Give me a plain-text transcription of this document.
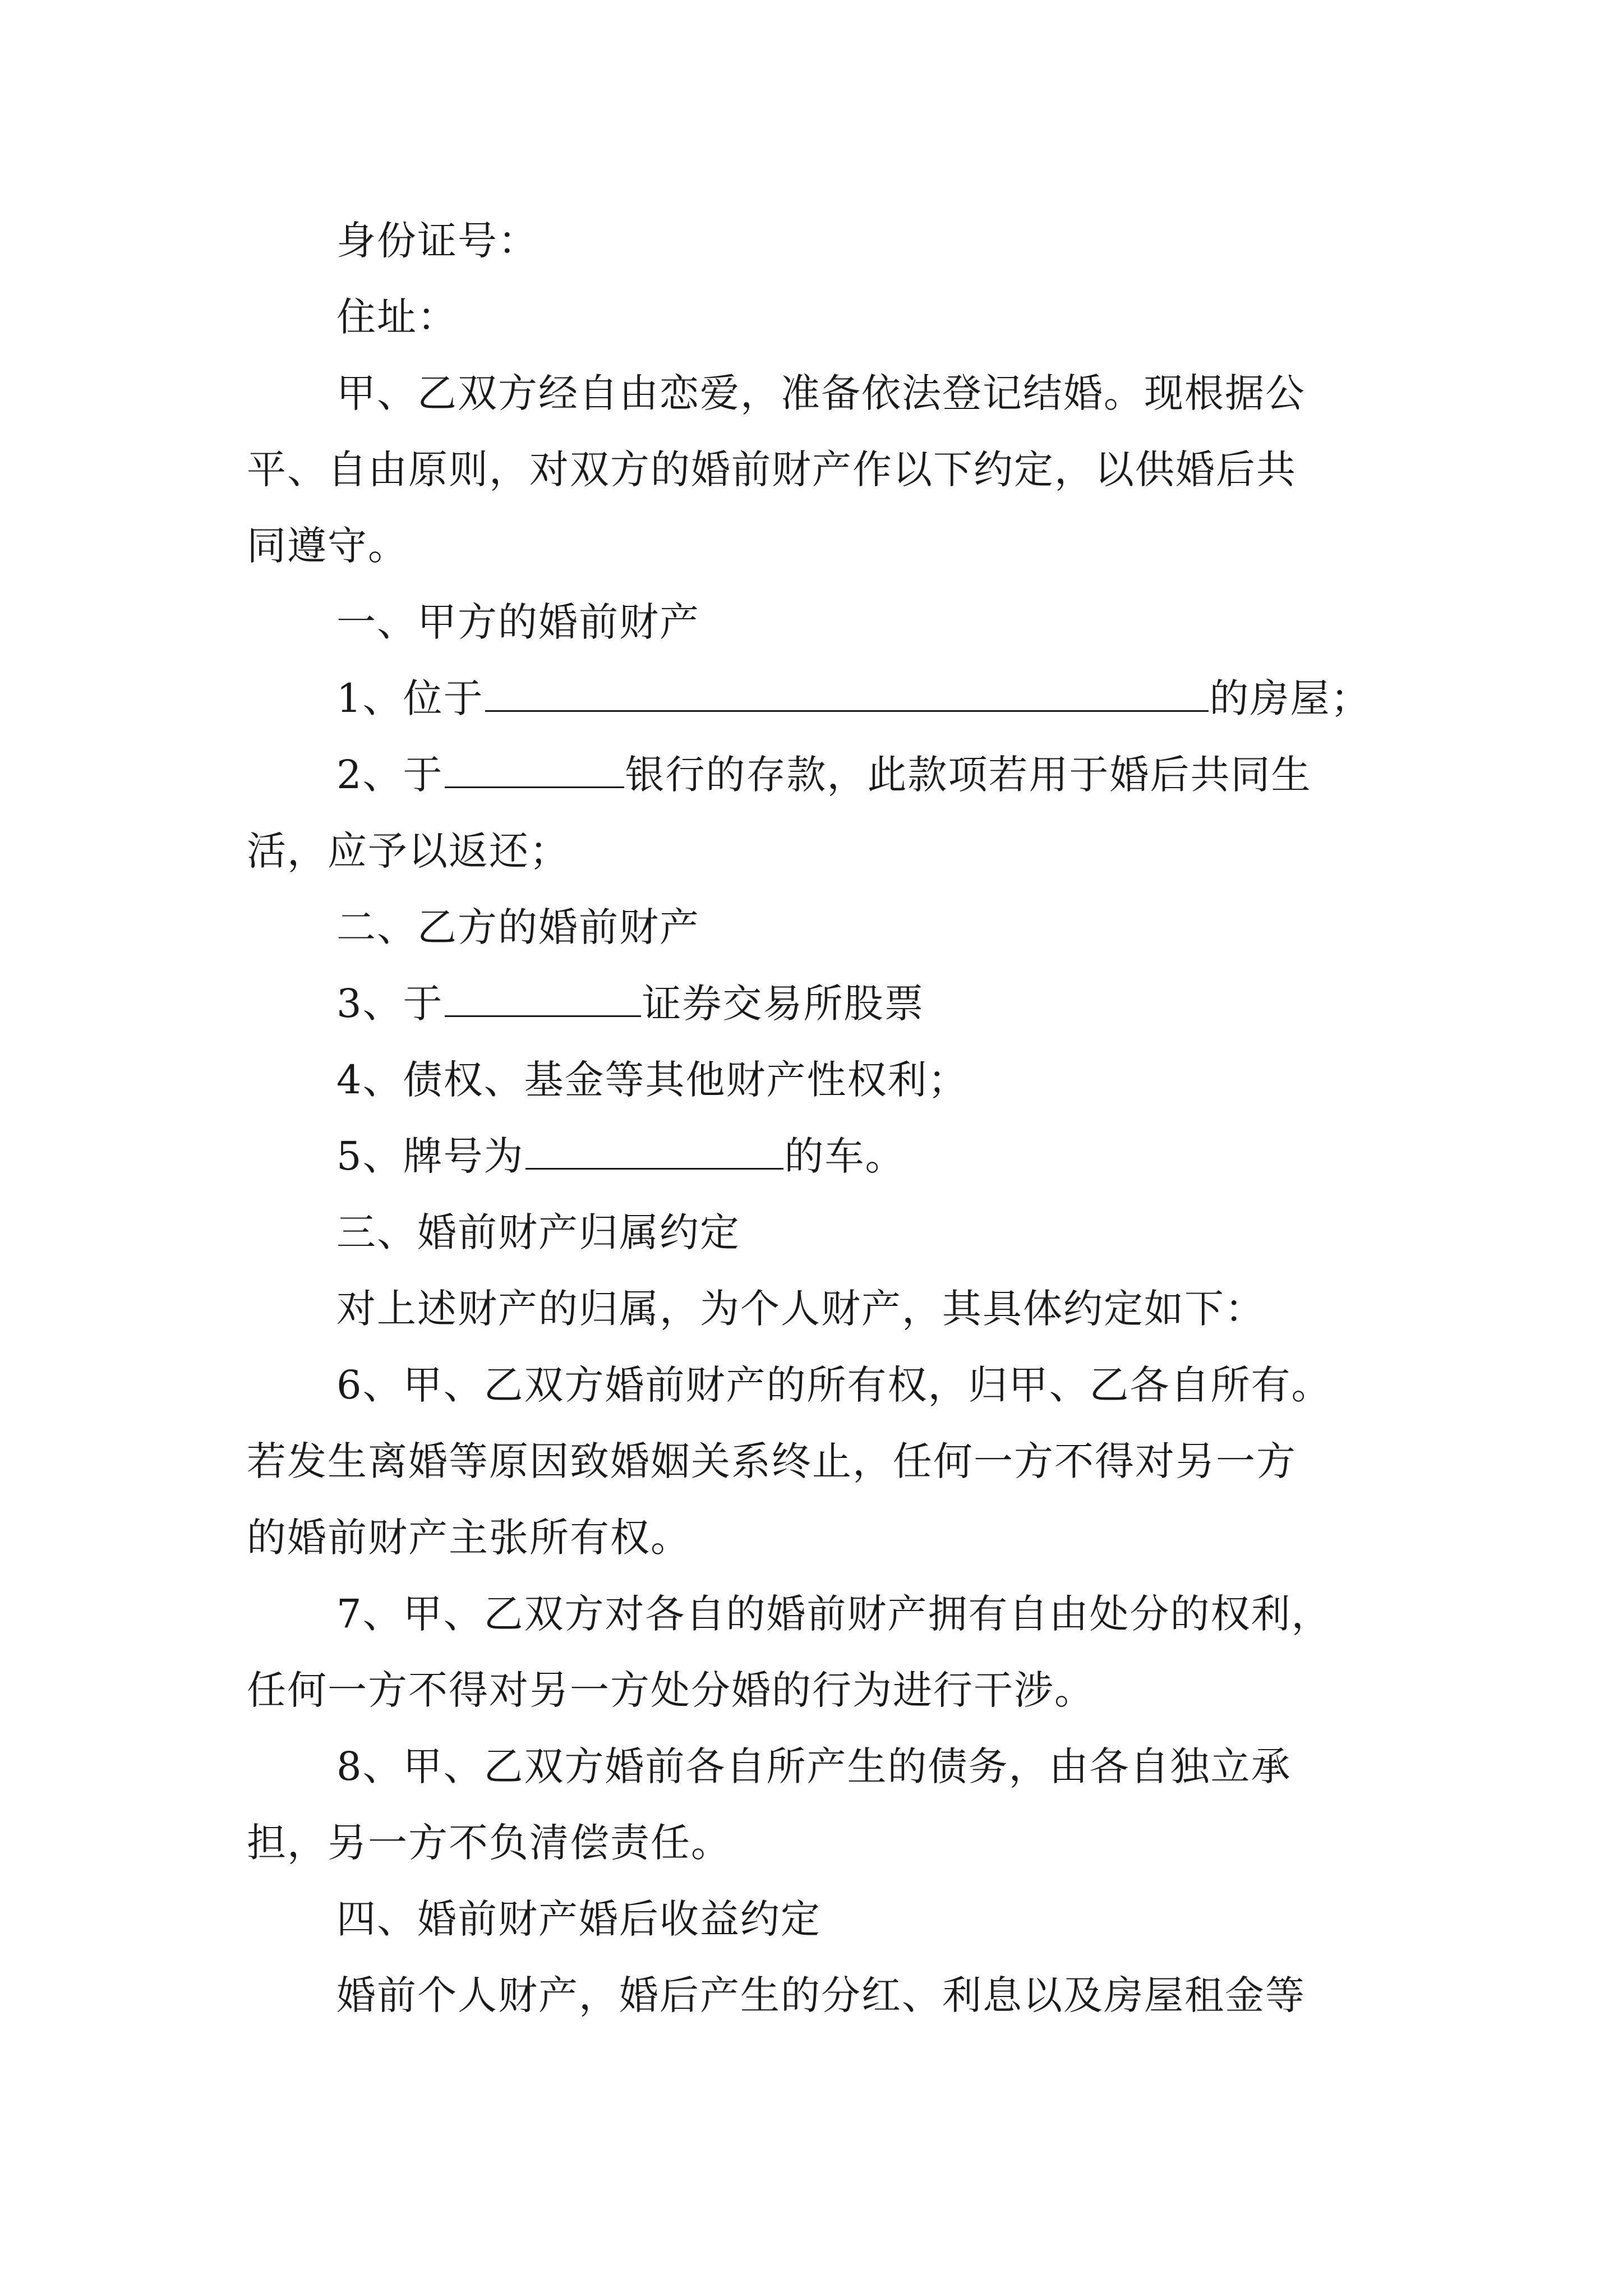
身份证号：
住址：
甲、乙双方经自由恋爱，准备依法登记结婚。现根据公
平、自由原则，对双方的婚前财产作以下约定，以供婚后共
同遵守。
一、甲方的婚前财产
1、位于	的房屋；
2、于	银行的存款，此款项若用于婚后共同生
活，应予以返还；
二、乙方的婚前财产
3、于	证券交易所股票
4、债权、基金等其他财产性权利；
5、牌号为	的车。
三、婚前财产归属约定
对上述财产的归属，为个人财产，其具体约定如下：
6、甲、乙双方婚前财产的所有权，归甲、乙各自所有。
若发生离婚等原因致婚姻关系终止，任何一方不得对另一方
的婚前财产主张所有权。
7、甲、乙双方对各自的婚前财产拥有自由处分的权利，
任何一方不得对另一方处分婚的行为进行干涉。
8、甲、乙双方婚前各自所产生的债务，由各自独立承
担，另一方不负清偿责任。
四、婚前财产婚后收益约定
婚前个人财产，婚后产生的分红、利息以及房屋租金等
